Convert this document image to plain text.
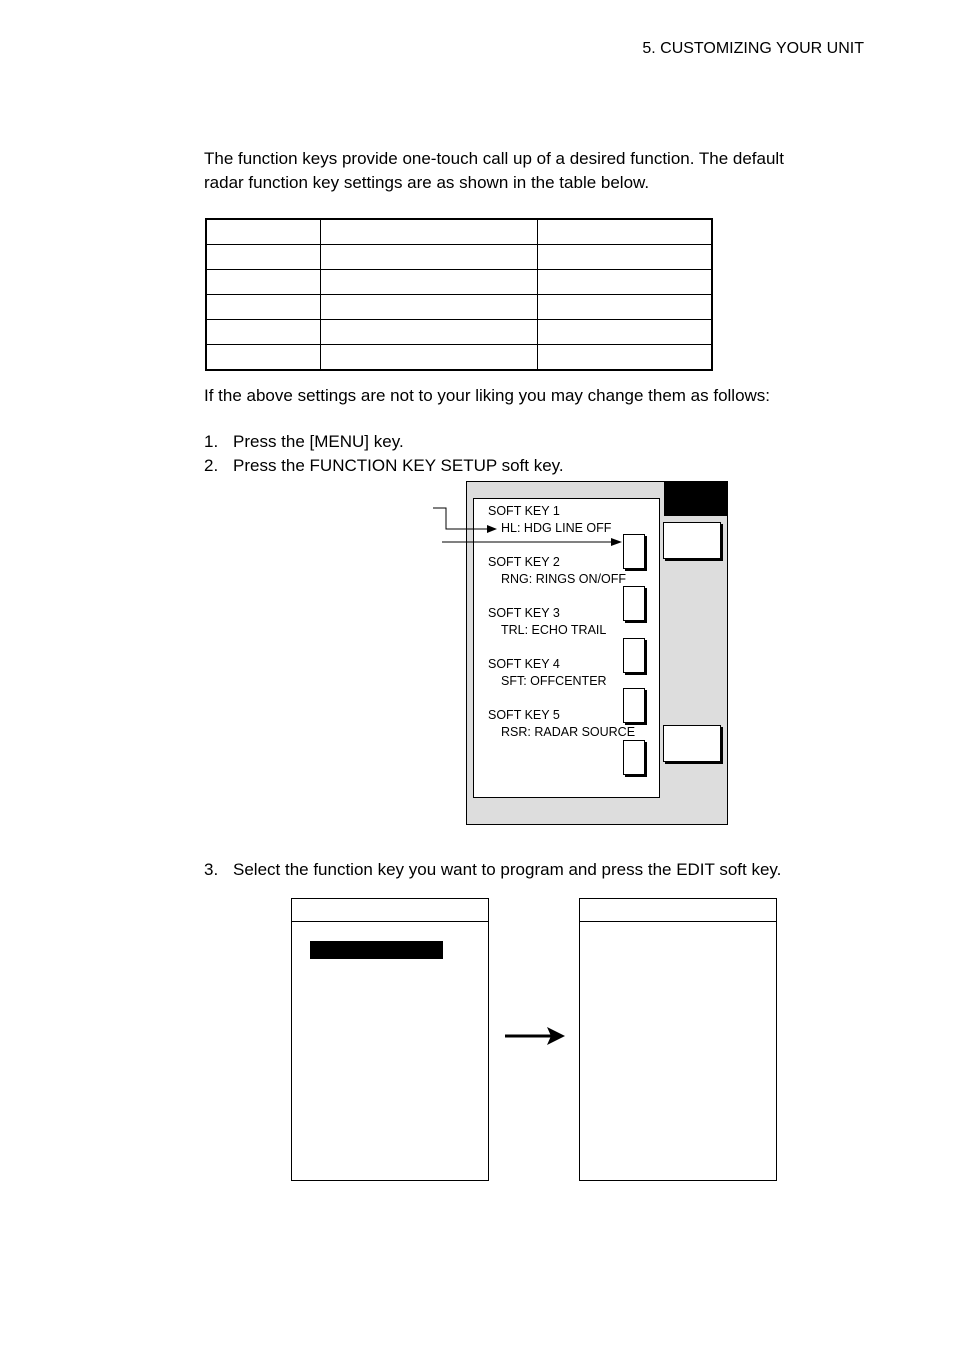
5. CUSTOMIZING YOUR UNIT
The function keys provide one-touch call up of a desired function. The default
radar function key settings are as shown in the table below.

If the above settings are not to your liking you may change them as follows:
1. Press the [MENU] key.
2. Press the FUNCTION KEY SETUP soft key.
SOFT KEY 1
HL: HDG LINE OFF
SOFT KEY 2
RNG: RINGS ON/OFF
SOFT KEY 3
TRL: ECHO TRAIL
SOFT KEY 4
SFT: OFFCENTER
SOFT KEY 5
RSR: RADAR SOURCE
3. Select the function key you want to program and press the EDIT soft key.
